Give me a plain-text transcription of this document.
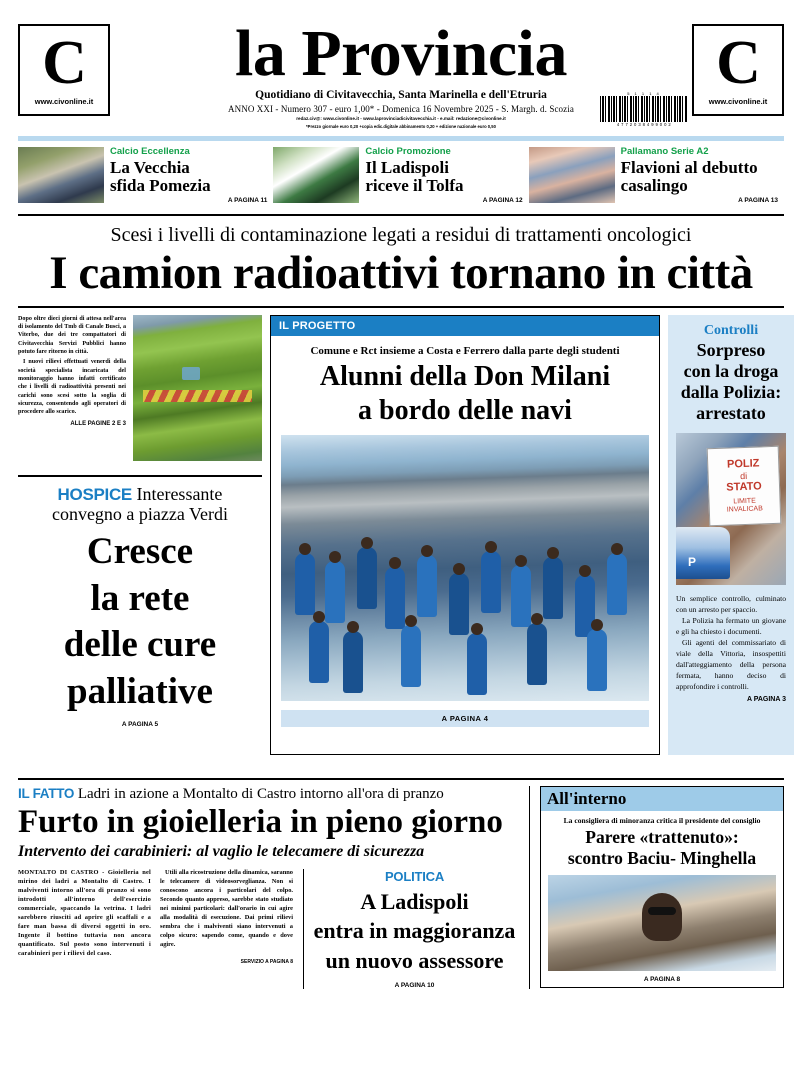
C
www.civonline.it
la Provincia
Quotidiano di Civitavecchia, Santa Marinella e dell'Etruria
ANNO XXI - Numero 307 - euro 1,00* - Domenica 16 Novembre 2025 - S. Margh. d. Scozia
redaz.civ@: www.civonline.it - www.laprovinciadicivitavecchia.it - e.mail: redazione@civonline.it
*Prezzo giornale euro 0,20 +copia edic.digitale abbinamento 0,20 + edizione nazionale euro 0,50
5 1 1 1 4
4 7 7 2 0 3 8 4 9 9 0 0 2
C
www.civonline.it
Calcio Eccellenza
La Vecchia
sfida Pomezia
A PAGINA 11
Calcio Promozione
Il Ladispoli
riceve il Tolfa
A PAGINA 12
Pallamano Serie A2
Flavioni al debutto
casalingo
A PAGINA 13
Scesi i livelli di contaminazione legati a residui di trattamenti oncologici
I camion radioattivi tornano in città

Dopo oltre dieci giorni di attesa nell'area di isolamento del Tmb di Canale Busci, a Viterbo, due dei tre compattatori di Civitavecchia Servizi Pubblici hanno potuto fare ritorno in città.

I nuovi rilievi effettuati venerdì della società specialista incaricata del monitoraggio hanno infatti certificato che i livelli di radioattività presenti nei carichi sono scesi sotto la soglia di sicurezza, consentendo agli operatori di procedere allo scarico.

ALLE PAGINE 2 E 3
HOSPICE Interessante
convegno a piazza Verdi
Cresce
la rete
delle cure
palliative
A PAGINA 5
IL PROGETTO
Comune e Rct insieme a Costa e Ferrero dalla parte degli studenti
Alunni della Don Milani
a bordo delle navi
A PAGINA 4
Controlli
Sorpreso
con la droga
dalla Polizia:
arrestato
P
POLIZ
di
STATO
LIMITE
INVALICAB

Un semplice controllo, culminato con un arresto per spaccio.

La Polizia ha fermato un giovane e gli ha chiesto i documenti.

Gli agenti del commissariato di viale della Vittoria, insospettiti dall'atteggiamento della persona fermata, hanno deciso di approfondire i controlli.

A PAGINA 3
IL FATTO Ladri in azione a Montalto di Castro intorno all'ora di pranzo
Furto in gioielleria in pieno giorno
Intervento dei carabinieri: al vaglio le telecamere di sicurezza

MONTALTO DI CASTRO - Gioielleria nel mirino dei ladri a Montalto di Castro. I malviventi intorno all'ora di pranzo si sono introdotti all'interno dell'esercizio commerciale, spaccando la vetrina. I ladri sarebbero riusciti ad aprire gli scaffali e a fare man bassa di diversi oggetti in oro. Ingente il bottino tuttavia non ancora quantificato. Sul posto sono intervenuti i carabinieri per i rilievi del caso.

Utili alla ricostruzione della dinamica, saranno le telecamere di videosorveglianza. Non si conoscono ancora i particolari del colpo. Secondo quanto appreso, sarebbe stato studiato nei minimi particolari: dall'orario in cui agire alla modalità di esecuzione. Dai primi rilievi sembra che i malviventi siano intervenuti a colpo sicuro: sapendo come, quando e dove agire.

SERVIZIO A PAGINA 8
POLITICA
A Ladispoli
entra in maggioranza
un nuovo assessore
A PAGINA 10
All'interno
La consigliera di minoranza critica il presidente del consiglio
Parere «trattenuto»:
scontro Baciu- Minghella
A PAGINA 8
